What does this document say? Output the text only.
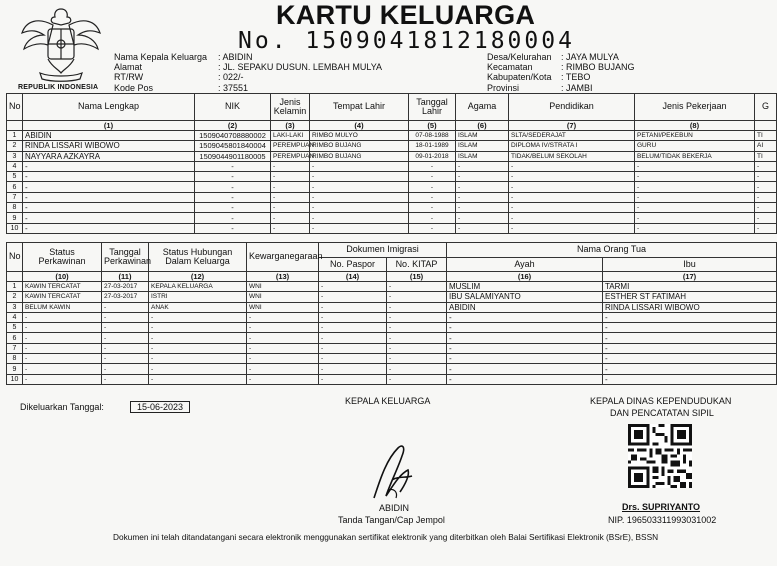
REPUBLIK INDONESIA
KARTU KELUARGA
No. 1509041812180004
Nama Kepala Keluarga : ABIDIN
Alamat	: JL. SEPAKU DUSUN. LEMBAH MULYA
RT/RW	: 022/-
Kode Pos	: 37551
Desa/Kelurahan : JAYA MULYA
Kecamatan	: RIMBO BUJANG
Kabupaten/Kota : TEBO
Provinsi	: JAMBI
No	Nama Lengkap	NIK	Jenis Kelamin	Tempat Lahir	Tanggal Lahir	Agama	Pendidikan	Jenis Pekerjaan	G
	(1)	(2)	(3)	(4)	(5)	(6)	(7)	(8)	
1	ABIDIN	1509040708880002	LAKI-LAKI	RIMBO MULYO	07-08-1988	ISLAM	SLTA/SEDERAJAT	PETANI/PEKEBUN	TI
2	RINDA LISSARI WIBOWO	1509045801840004	PEREMPUAN	RIMBO BUJANG	18-01-1989	ISLAM	DIPLOMA IV/STRATA I	GURU	AI
3	NAYYARA AZKAYRA	1509044901180005	PEREMPUAN	RIMBO BUJANG	09-01-2018	ISLAM	TIDAK/BELUM SEKOLAH	BELUM/TIDAK BEKERJA	TI
4	-	-	-	-	-	-	-	-	-
5	-	-	-	-	-	-	-	-	-
6	-	-	-	-	-	-	-	-	-
7	-	-	-	-	-	-	-	-	-
8	-	-	-	-	-	-	-	-	-
9	-	-	-	-	-	-	-	-	-
10	-	-	-	-	-	-	-	-	-
No	Status Perkawinan	Tanggal Perkawinan	Status Hubungan Dalam Keluarga	Kewarganegaraan	Dokumen Imigrasi		Nama Orang Tua	
					No. Paspor	No. KITAP	Ayah	Ibu
	(10)	(11)	(12)	(13)	(14)	(15)	(16)	(17)
1	KAWIN TERCATAT	27-03-2017	KEPALA KELUARGA	WNI	-	-	MUSLIM	TARMI
2	KAWIN TERCATAT	27-03-2017	ISTRI	WNI	-	-	IBU SALAMIYANTO	ESTHER ST FATIMAH
3	BELUM KAWIN	-	ANAK	WNI	-	-	ABIDIN	RINDA LISSARI WIBOWO
4	-	-	-	-	-	-	-	-
5	-	-	-	-	-	-	-	-
6	-	-	-	-	-	-	-	-
7	-	-	-	-	-	-	-	-
8	-	-	-	-	-	-	-	-
9	-	-	-	-	-	-	-	-
10	-	-	-	-	-	-	-	-
Dikeluarkan Tanggal:	15-06-2023
KEPALA KELUARGA
ABIDIN
Tanda Tangan/Cap Jempol
KEPALA DINAS KEPENDUDUKAN
DAN PENCATATAN SIPIL
Drs. SUPRIYANTO
NIP. 196503311993031002
Dokumen ini telah ditandatangani secara elektronik menggunakan sertifikat elektronik yang diterbitkan oleh Balai Sertifikasi Elektronik (BSrE), BSSN
